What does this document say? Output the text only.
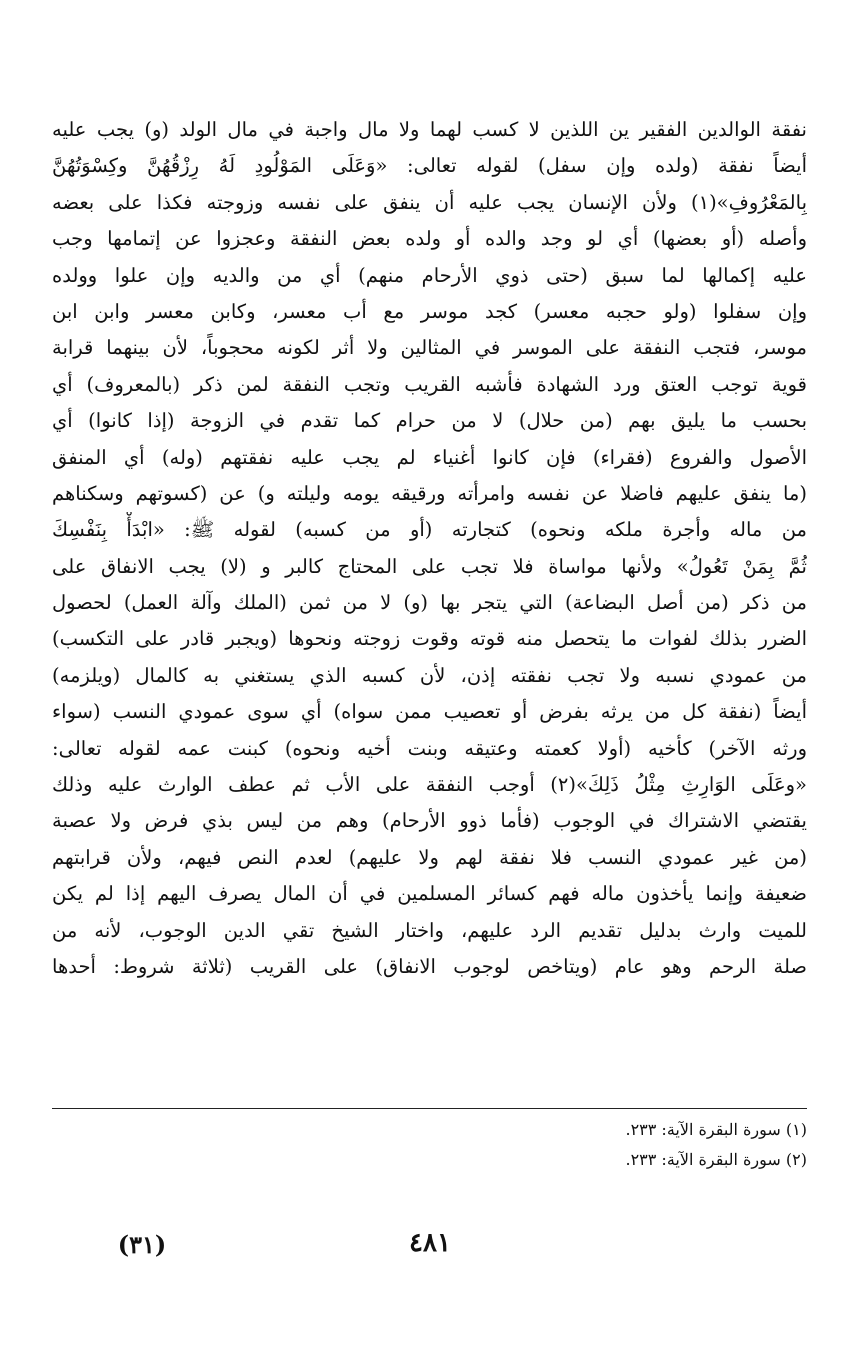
نفقة الوالدين الفقير ين اللذين لا كسب لهما ولا مال واجبة في مال الولد (و) يجب عليه
أيضاً نفقة (ولده وإن سفل) لقوله تعالى: «وَعَلَى المَوْلُودِ لَهُ رِزْقُهُنَّ وكِسْوَتُهُنَّ
بِالمَعْرُوفِ»(١) ولأن الإنسان يجب عليه أن ينفق على نفسه وزوجته فكذا على بعضه
وأصله (أو بعضها) أي لو وجد والده أو ولده بعض النفقة وعجزوا عن إتمامها وجب
عليه إكمالها لما سبق (حتى ذوي الأرحام منهم) أي من والديه وإن علوا وولده
وإن سفلوا (ولو حجبه معسر) كجد موسر مع أب معسر، وكابن معسر وابن ابن
موسر، فتجب النفقة على الموسر في المثالين ولا أثر لكونه محجوباً، لأن بينهما قرابة
قوية توجب العتق ورد الشهادة فأشبه القريب وتجب النفقة لمن ذكر (بالمعروف) أي
بحسب ما يليق بهم (من حلال) لا من حرام كما تقدم في الزوجة (إذا كانوا) أي
الأصول والفروع (فقراء) فإن كانوا أغنياء لم يجب عليه نفقتهم (وله) أي المنفق
(ما ينفق عليهم فاضلا عن نفسه وامرأته ورقيقه يومه وليلته و) عن (كسوتهم وسكناهم
من ماله وأجرة ملكه ونحوه) كتجارته (أو من كسبه) لقوله ﷺ: «ابْدَأْ بِنَفْسِكَ
ثُمَّ بِمَنْ تَعُولُ» ولأنها مواساة فلا تجب على المحتاج كالبر و (لا) يجب الانفاق على
من ذكر (من أصل البضاعة) التي يتجر بها (و) لا من ثمن (الملك وآلة العمل) لحصول
الضرر بذلك لفوات ما يتحصل منه قوته وقوت زوجته ونحوها (ويجبر قادر على التكسب)
من عمودي نسبه ولا تجب نفقته إذن، لأن كسبه الذي يستغني به كالمال (ويلزمه)
أيضاً (نفقة كل من يرثه بفرض أو تعصيب ممن سواه) أي سوى عمودي النسب (سواء
ورثه الآخر) كأخيه (أولا كعمته وعتيقه وبنت أخيه ونحوه) كبنت عمه لقوله تعالى:
«وعَلَى الوَارِثِ مِثْلُ ذَلِكَ»(٢) أوجب النفقة على الأب ثم عطف الوارث عليه وذلك
يقتضي الاشتراك في الوجوب (فأما ذوو الأرحام) وهم من ليس بذي فرض ولا عصبة
(من غير عمودي النسب فلا نفقة لهم ولا عليهم) لعدم النص فيهم، ولأن قرابتهم
ضعيفة وإنما يأخذون ماله فهم كسائر المسلمين في أن المال يصرف اليهم إذا لم يكن
للميت وارث بدليل تقديم الرد عليهم، واختار الشيخ تقي الدين الوجوب، لأنه من
صلة الرحم وهو عام (ويتاخص لوجوب الانفاق) على القريب (ثلاثة شروط: أحدها
(١) سورة البقرة الآية: ٢٣٣.
(٢) سورة البقرة الآية: ٢٣٣.
(٣١)	٤٨١
